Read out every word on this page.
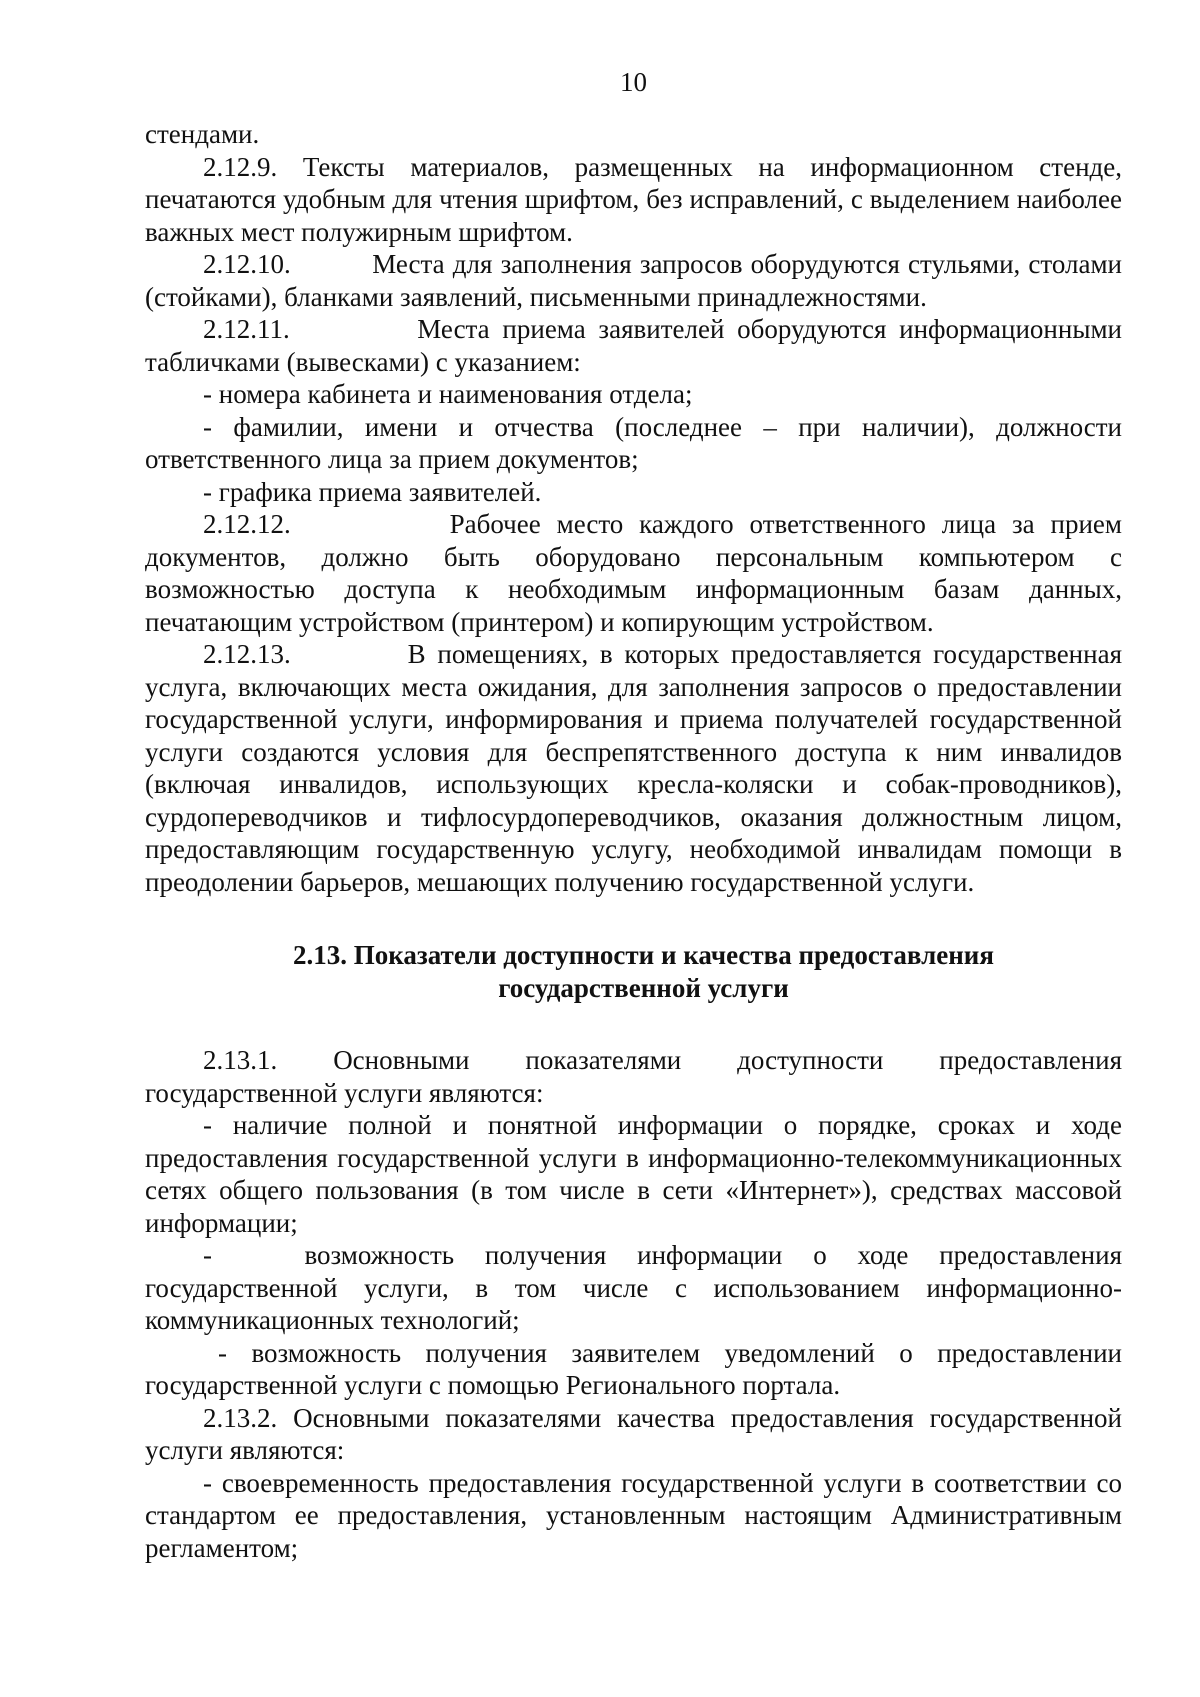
10

стендами.

2.12.9. Тексты материалов, размещенных на информационном стенде, печатаются удобным для чтения шрифтом, без исправлений, с выделением наиболее важных мест полужирным шрифтом.

2.12.10.          Места для заполнения запросов оборудуются стульями, столами (стойками), бланками заявлений, письменными принадлежностями.

2.12.11.          Места приема заявителей оборудуются информационными табличками (вывесками) с указанием:

- номера кабинета и наименования отдела;

- фамилии, имени и отчества (последнее – при наличии), должности ответственного лица за прием документов;

- графика приема заявителей.

2.12.12.          Рабочее место каждого ответственного лица за прием документов, должно быть оборудовано персональным компьютером с возможностью доступа к необходимым информационным базам данных, печатающим устройством (принтером) и копирующим устройством.

2.12.13.          В помещениях, в которых предоставляется государственная услуга, включающих места ожидания, для заполнения запросов о предоставлении государственной услуги, информирования и приема получателей государственной услуги создаются условия для беспрепятственного доступа к ним инвалидов (включая инвалидов, использующих кресла-коляски и собак-проводников), сурдопереводчиков и тифлосурдопереводчиков, оказания должностным лицом, предоставляющим государственную услугу, необходимой инвалидам помощи в преодолении барьеров, мешающих получению государственной услуги.

2.13. Показатели доступности и качества предоставления
государственной услуги

2.13.1. Основными показателями доступности предоставления государственной услуги являются:

- наличие полной и понятной информации о порядке, сроках и ходе предоставления государственной услуги в информационно-телекоммуникационных сетях общего пользования (в том числе в сети «Интернет»), средствах массовой информации;

-   возможность получения информации о ходе предоставления государственной услуги, в том числе с использованием информационно-коммуникационных технологий;

- возможность получения заявителем уведомлений о предоставлении государственной услуги с помощью Регионального портала.

2.13.2. Основными показателями качества предоставления государственной услуги являются:

- своевременность предоставления государственной услуги в соответствии со стандартом ее предоставления, установленным настоящим Административным регламентом;
